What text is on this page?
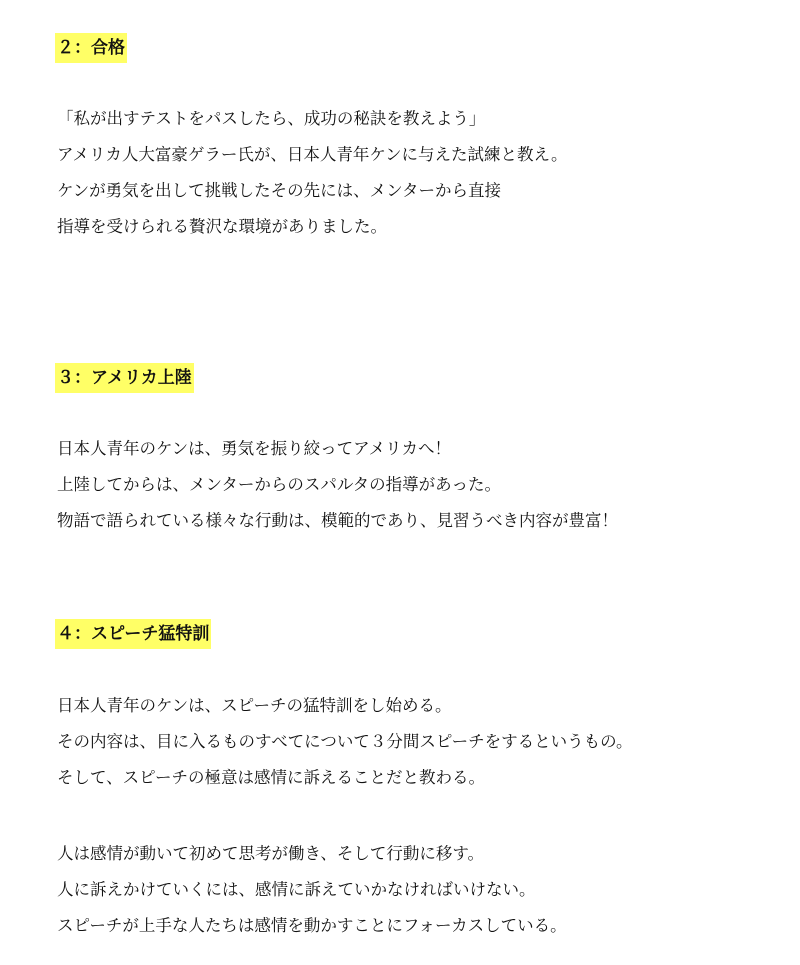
２：合格
「私が出すテストをパスしたら、成功の秘訣を教えよう」
アメリカ人大富豪ゲラー氏が、日本人青年ケンに与えた試練と教え。
ケンが勇気を出して挑戦したその先には、メンターから直接
指導を受けられる贅沢な環境がありました。
３：アメリカ上陸
日本人青年のケンは、勇気を振り絞ってアメリカへ！
上陸してからは、メンターからのスパルタの指導があった。
物語で語られている様々な行動は、模範的であり、見習うべき内容が豊富！
４：スピーチ猛特訓
日本人青年のケンは、スピーチの猛特訓をし始める。
その内容は、目に入るものすべてについて３分間スピーチをするというもの。
そして、スピーチの極意は感情に訴えることだと教わる。
人は感情が動いて初めて思考が働き、そして行動に移す。
人に訴えかけていくには、感情に訴えていかなければいけない。
スピーチが上手な人たちは感情を動かすことにフォーカスしている。
